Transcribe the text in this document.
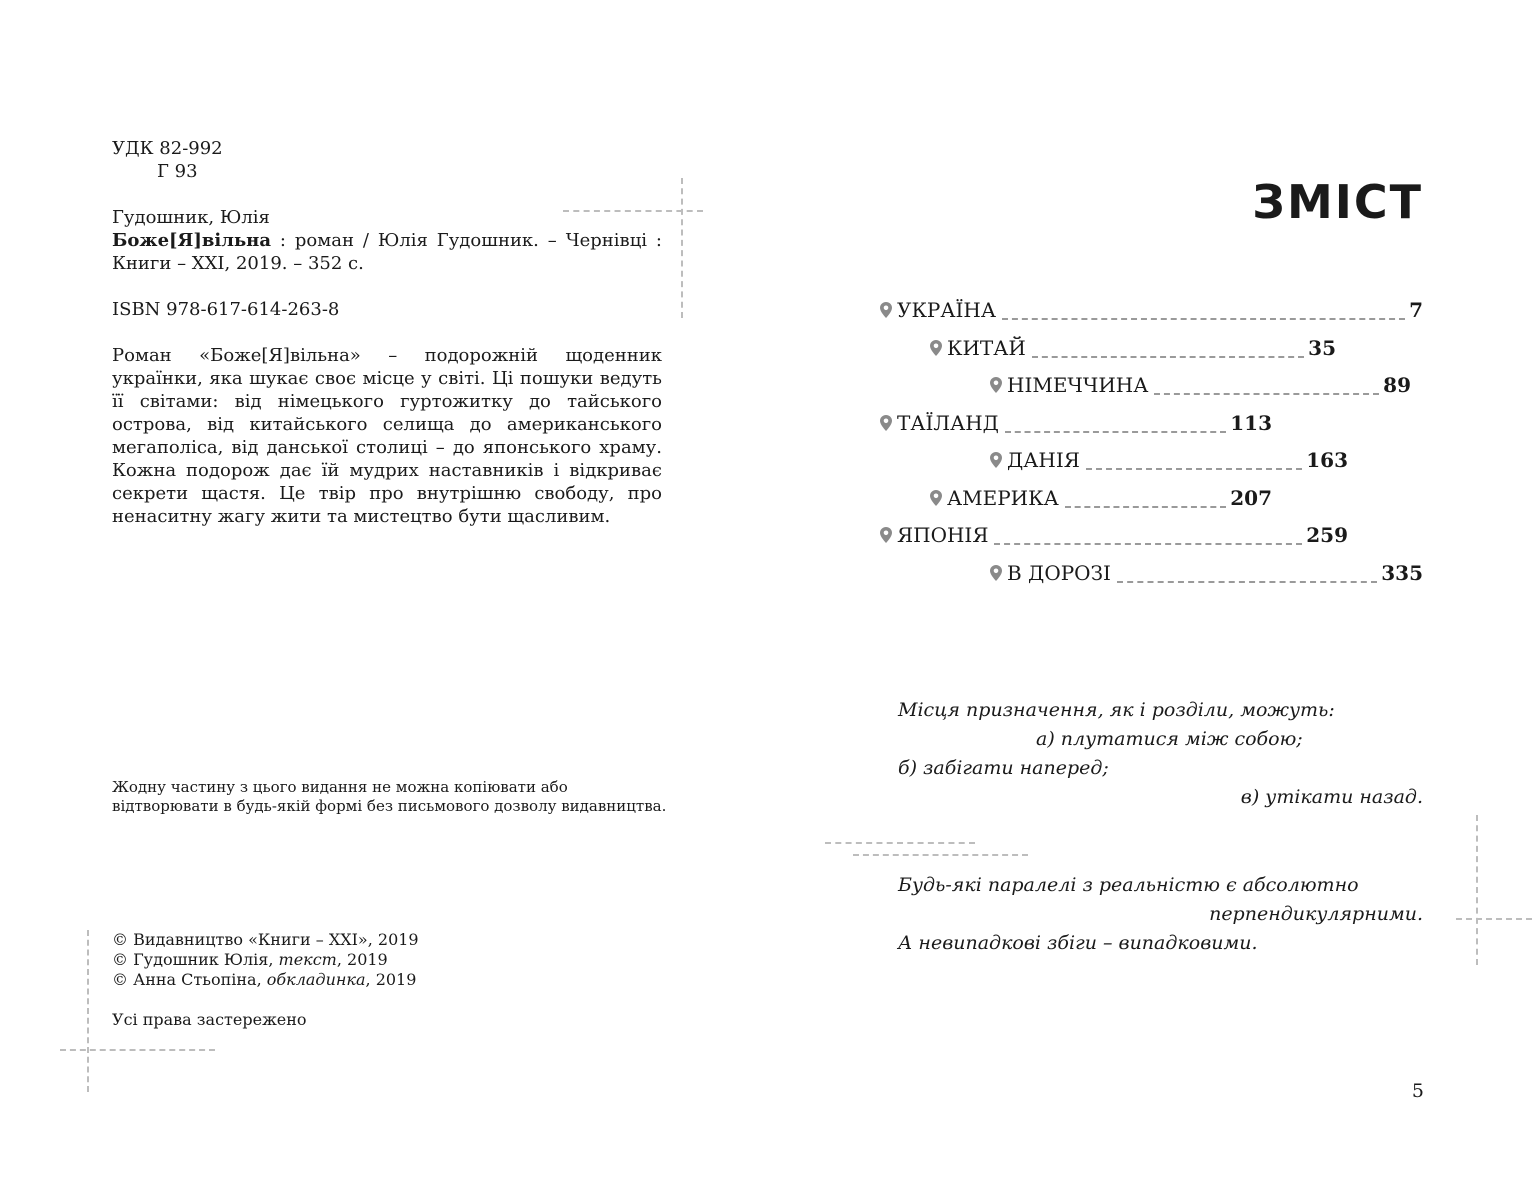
УДК 82-992
Г 93
Гудошник, Юлія
Боже[Я]вільна : роман / Юлія Гудошник. – Чернівці : Книги – XXI, 2019. – 352 с.
ISBN 978-617-614-263-8
Роман «Боже[Я]вільна» – подорожній щоденник українки, яка шукає своє місце у світі. Ці пошуки ведуть її світами: від німецького гуртожитку до тайського острова, від китайського селища до американського мегаполіса, від данської столиці – до японського храму. Кожна подорож дає їй мудрих наставників і відкриває секрети щастя. Це твір про внутрішню свободу, про ненаситну жагу жити та мистецтво бути щасливим.
Жодну частину з цього видання не можна копіювати або відтворювати в будь-якій формі без письмового дозволу видавництва.
© Видавництво «Книги – XXI», 2019
© Гудошник Юлія, текст, 2019
© Анна Стьопіна, обкладинка, 2019
Усі права застережено
ЗМІСТ
УКРАЇНА	7
КИТАЙ	35
НІМЕЧЧИНА	89
ТАЇЛАНД	113
ДАНІЯ	163
АМЕРИКА	207
ЯПОНІЯ	259
В ДОРОЗІ	335
Місця призначення, як і розділи, можуть:
а) плутатися між собою;
б) забігати наперед;
в) утікати назад.
Будь-які паралелі з реальністю є абсолютно
перпендикулярними.
А невипадкові збіги – випадковими.
5
